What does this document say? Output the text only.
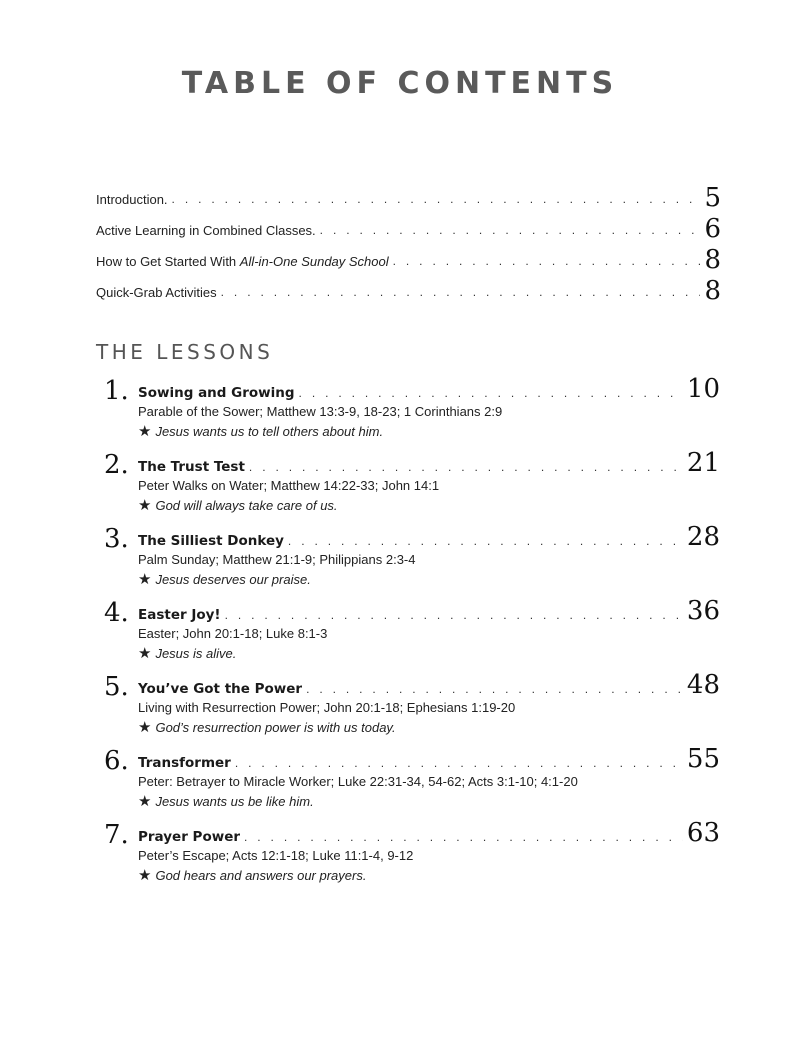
TABLE OF CONTENTS
Introduction. . . .	5
Active Learning in Combined Classes. . . .	6
How to Get Started With All-in-One Sunday School . . .	8
Quick-Grab Activities . . .	8
THE LESSONS
1. Sowing and Growing . . .	10
Parable of the Sower; Matthew 13:3-9, 18-23; 1 Corinthians 2:9
★ Jesus wants us to tell others about him.
2. The Trust Test . . .	21
Peter Walks on Water; Matthew 14:22-33; John 14:1
★ God will always take care of us.
3. The Silliest Donkey . . .	28
Palm Sunday; Matthew 21:1-9; Philippians 2:3-4
★ Jesus deserves our praise.
4. Easter Joy! . . .	36
Easter; John 20:1-18; Luke 8:1-3
★ Jesus is alive.
5. You’ve Got the Power . . .	48
Living with Resurrection Power; John 20:1-18; Ephesians 1:19-20
★ God’s resurrection power is with us today.
6. Transformer . . .	55
Peter: Betrayer to Miracle Worker; Luke 22:31-34, 54-62; Acts 3:1-10; 4:1-20
★ Jesus wants us be like him.
7. Prayer Power . . .	63
Peter’s Escape; Acts 12:1-18; Luke 11:1-4, 9-12
★ God hears and answers our prayers.
